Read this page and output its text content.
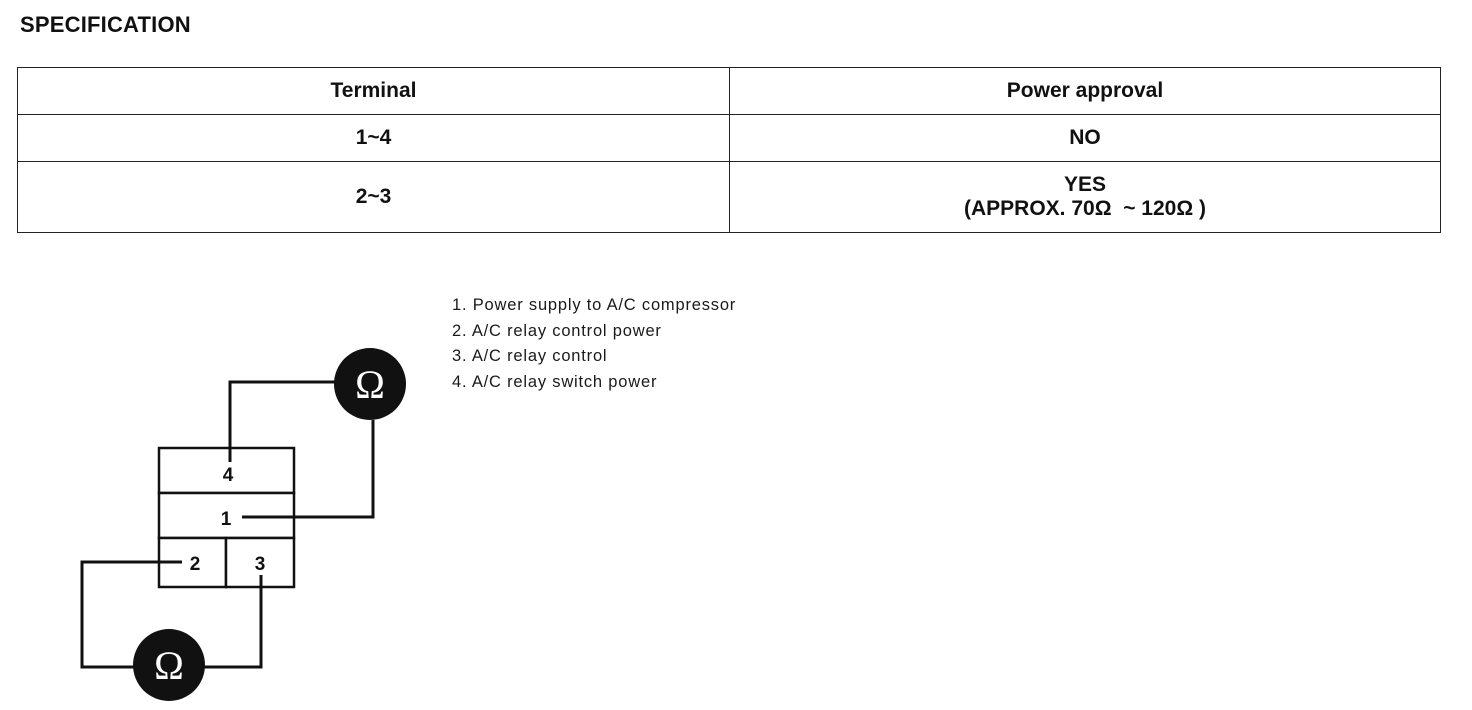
SPECIFICATION
Terminal	Power approval
1~4	NO

2~3	YES
(APPROX. 70Ω  ~ 120Ω )
4
1
2	3
Ω
Ω
1. Power supply to A/C compressor
2. A/C relay control power
3. A/C relay control
4. A/C relay switch power
